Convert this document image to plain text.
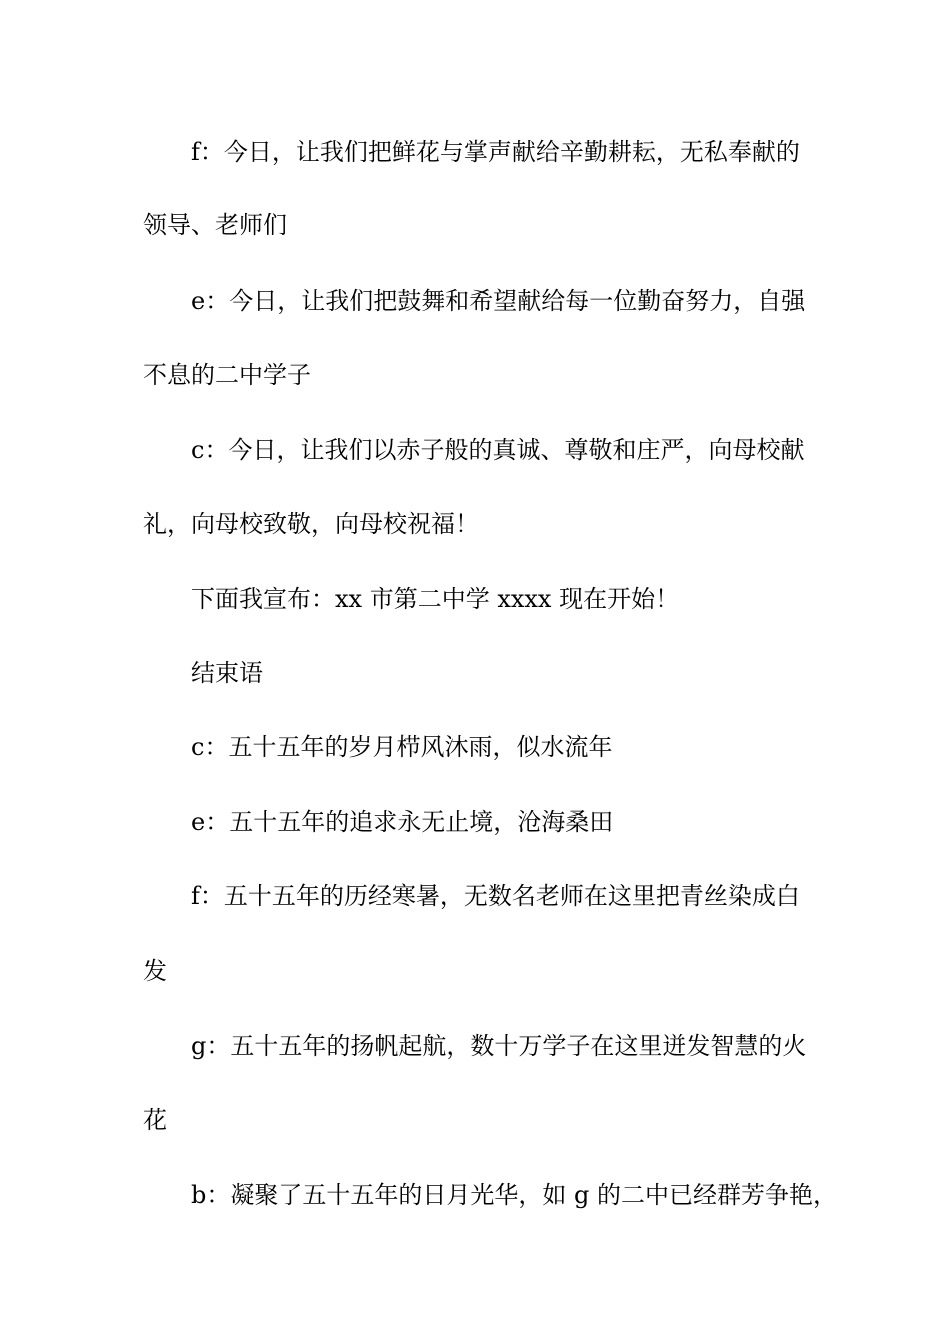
f：今日，让我们把鲜花与掌声献给辛勤耕耘，无私奉献的
领导、老师们
e：今日，让我们把鼓舞和希望献给每一位勤奋努力，自强
不息的二中学子
c：今日，让我们以赤子般的真诚、尊敬和庄严，向母校献
礼，向母校致敬，向母校祝福！
下面我宣布：xx 市第二中学 xxxx 现在开始！
结束语
c：五十五年的岁月栉风沐雨，似水流年
e：五十五年的追求永无止境，沧海桑田
f：五十五年的历经寒暑，无数名老师在这里把青丝染成白
发
g：五十五年的扬帆起航，数十万学子在这里迸发智慧的火
花
b：凝聚了五十五年的日月光华，如 g 的二中已经群芳争艳，
